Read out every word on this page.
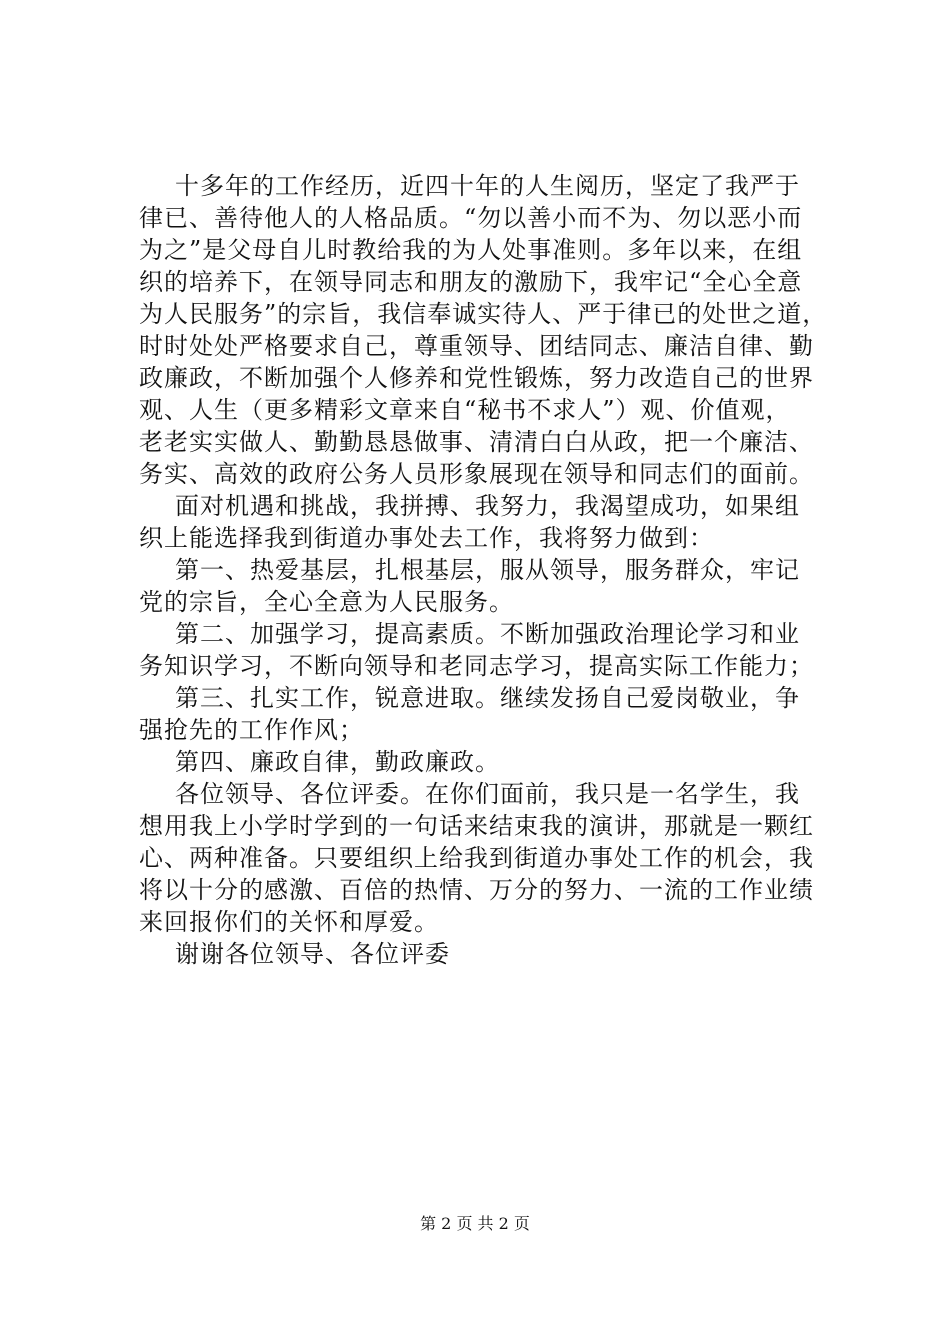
十多年的工作经历，近四十年的人生阅历，坚定了我严于
律已、善待他人的人格品质。“勿以善小而不为、勿以恶小而
为之”是父母自儿时教给我的为人处事准则。多年以来，在组
织的培养下，在领导同志和朋友的激励下，我牢记“全心全意
为人民服务”的宗旨，我信奉诚实待人、严于律已的处世之道，
时时处处严格要求自己，尊重领导、团结同志、廉洁自律、勤
政廉政，不断加强个人修养和党性锻炼，努力改造自己的世界
观、人生（更多精彩文章来自“秘书不求人”）观、价值观，
老老实实做人、勤勤恳恳做事、清清白白从政，把一个廉洁、
务实、高效的政府公务人员形象展现在领导和同志们的面前。
面对机遇和挑战，我拼搏、我努力，我渴望成功，如果组
织上能选择我到街道办事处去工作，我将努力做到：
第一、热爱基层，扎根基层，服从领导，服务群众，牢记
党的宗旨，全心全意为人民服务。
第二、加强学习，提高素质。不断加强政治理论学习和业
务知识学习，不断向领导和老同志学习，提高实际工作能力；
第三、扎实工作，锐意进取。继续发扬自己爱岗敬业，争
强抢先的工作作风；
第四、廉政自律，勤政廉政。
各位领导、各位评委。在你们面前，我只是一名学生，我
想用我上小学时学到的一句话来结束我的演讲，那就是一颗红
心、两种准备。只要组织上给我到街道办事处工作的机会，我
将以十分的感激、百倍的热情、万分的努力、一流的工作业绩
来回报你们的关怀和厚爱。
谢谢各位领导、各位评委
第 2 页 共 2 页
